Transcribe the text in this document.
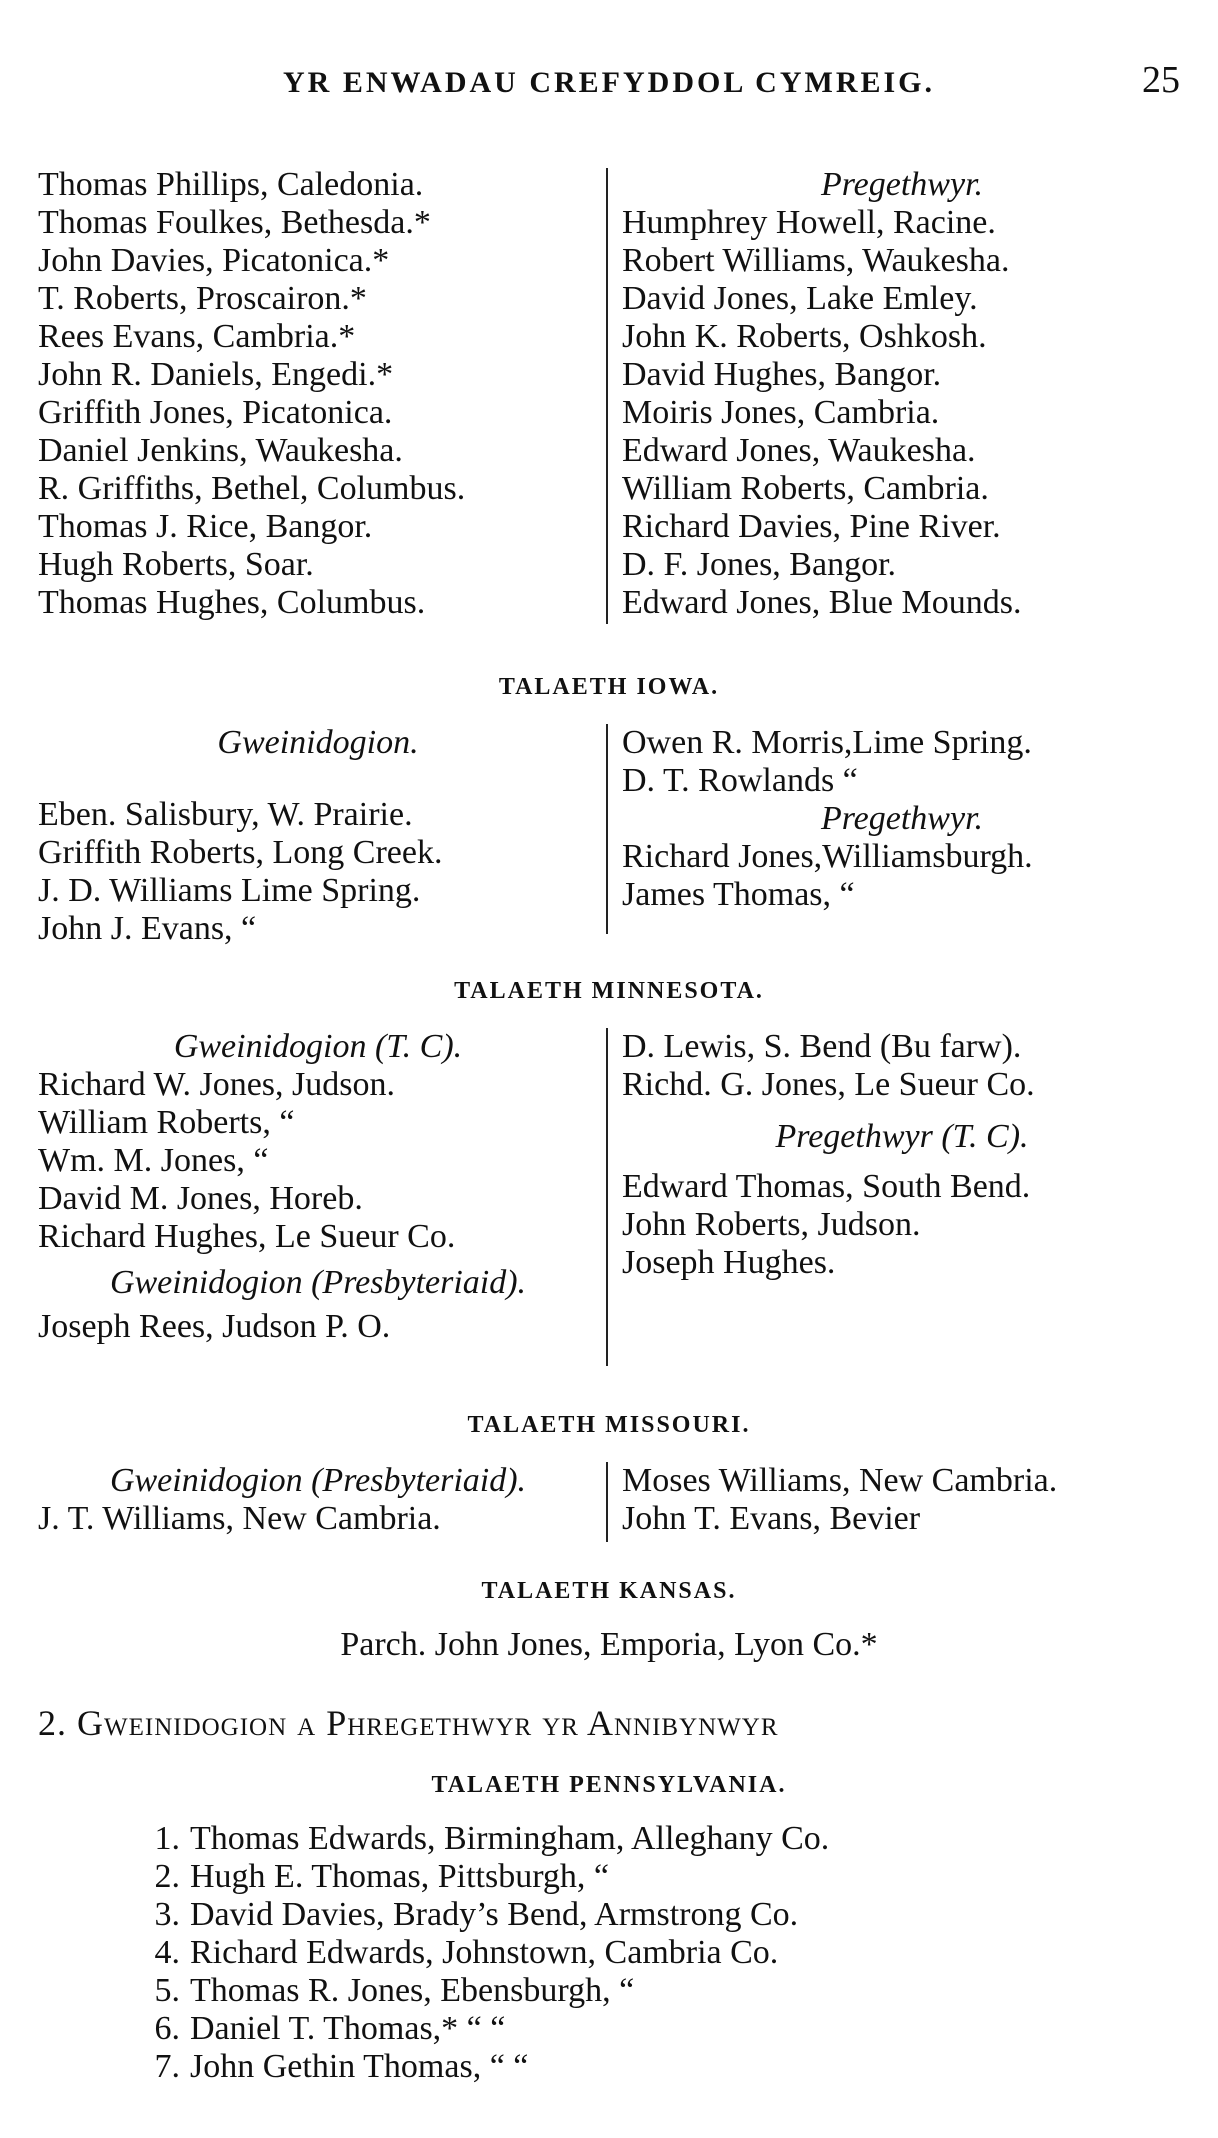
YR ENWADAU CREFYDDOL CYMREIG.	25
Thomas Phillips, Caledonia.
Thomas Foulkes, Bethesda.*
John Davies, Picatonica.*
T. Roberts, Proscairon.*
Rees Evans, Cambria.*
John R. Daniels, Engedi.*
Griffith Jones, Picatonica.
Daniel Jenkins, Waukesha.
R. Griffiths, Bethel, Columbus.
Thomas J. Rice, Bangor.
Hugh Roberts, Soar.
Thomas Hughes, Columbus.
Pregethwyr.
Humphrey Howell, Racine.
Robert Williams, Waukesha.
David Jones, Lake Emley.
John K. Roberts, Oshkosh.
David Hughes, Bangor.
Moiris Jones, Cambria.
Edward Jones, Waukesha.
William Roberts, Cambria.
Richard Davies, Pine River.
D. F. Jones, Bangor.
Edward Jones, Blue Mounds.
TALAETH IOWA.
Gweinidogion.
Eben. Salisbury, W. Prairie.
Griffith Roberts, Long Creek.
J. D. Williams Lime Spring.
John J. Evans, “
Owen R. Morris,Lime Spring.
D. T. Rowlands “
Pregethwyr.
Richard Jones,Williamsburgh.
James Thomas, “
TALAETH MINNESOTA.
Gweinidogion (T. C).
Richard W. Jones, Judson.
William Roberts, “
Wm. M. Jones, “
David M. Jones, Horeb.
Richard Hughes, Le Sueur Co.
Gweinidogion (Presbyteriaid).
Joseph Rees, Judson P. O.
D. Lewis, S. Bend (Bu farw).
Richd. G. Jones, Le Sueur Co.
Pregethwyr (T. C).
Edward Thomas, South Bend.
John Roberts, Judson.
Joseph Hughes.
TALAETH MISSOURI.
Gweinidogion (Presbyteriaid).
J. T. Williams, New Cambria.
Moses Williams, New Cambria.
John T. Evans, Bevier
TALAETH KANSAS.
Parch. John Jones, Emporia, Lyon Co.*
2. Gweinidogion a Phregethwyr yr Annibynwyr
TALAETH PENNSYLVANIA.
1. Thomas Edwards, Birmingham, Alleghany Co.
2. Hugh E. Thomas, Pittsburgh, “
3. David Davies, Brady’s Bend, Armstrong Co.
4. Richard Edwards, Johnstown, Cambria Co.
5. Thomas R. Jones, Ebensburgh, “
6. Daniel T. Thomas,* “ “
7. John Gethin Thomas, “ “
